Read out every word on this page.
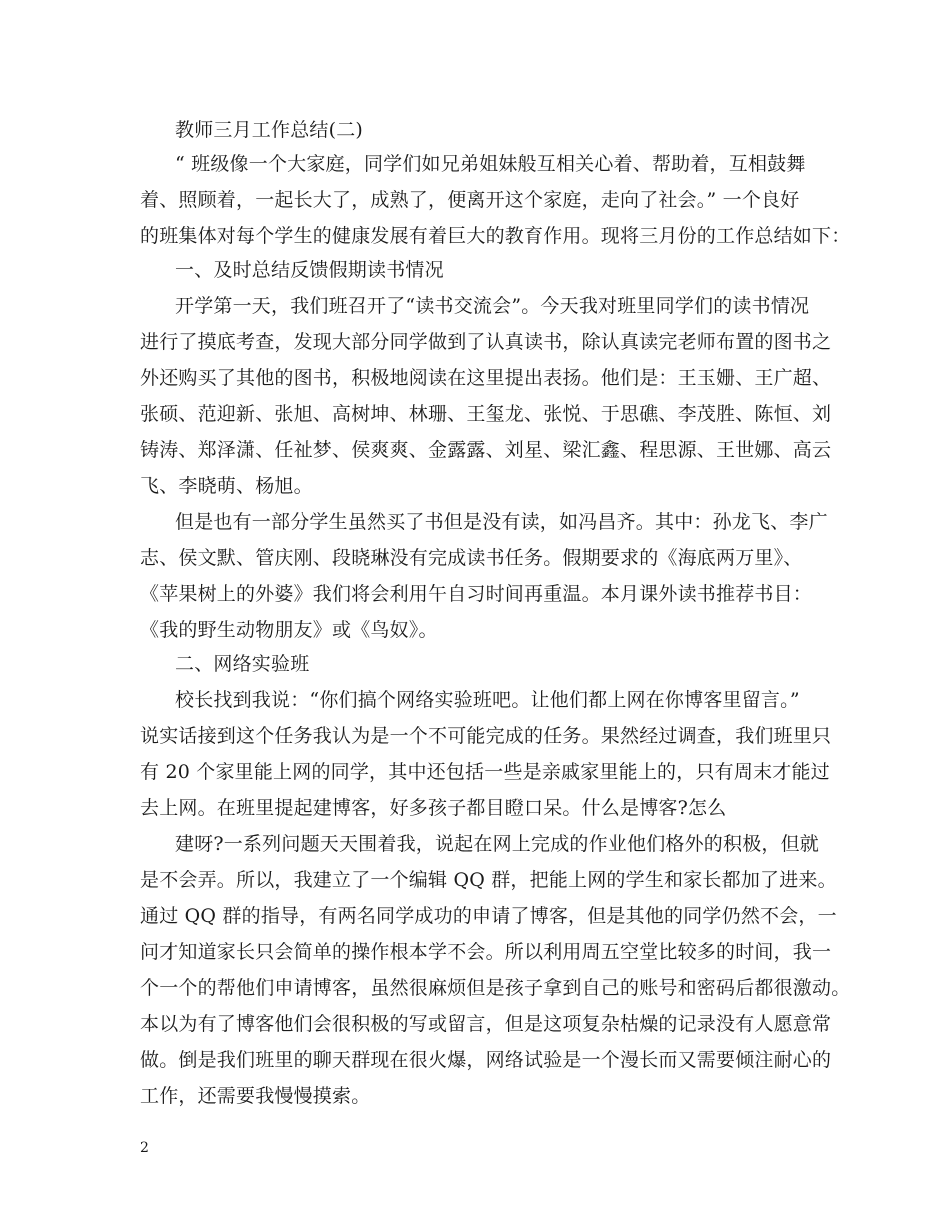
教师三月工作总结(二)
“ 班级像一个大家庭，同学们如兄弟姐妹般互相关心着、帮助着，互相鼓舞
着、照顾着，一起长大了，成熟了，便离开这个家庭，走向了社会。” 一个良好
的班集体对每个学生的健康发展有着巨大的教育作用。现将三月份的工作总结如下：
一、及时总结反馈假期读书情况
开学第一天，我们班召开了“读书交流会”。今天我对班里同学们的读书情况
进行了摸底考查，发现大部分同学做到了认真读书，除认真读完老师布置的图书之
外还购买了其他的图书，积极地阅读在这里提出表扬。他们是：王玉姗、王广超、
张硕、范迎新、张旭、高树坤、林珊、王玺龙、张悦、于思礁、李茂胜、陈恒、刘
铸涛、郑泽潇、任祉梦、侯爽爽、金露露、刘星、梁汇鑫、程思源、王世娜、高云
飞、李晓萌、杨旭。
但是也有一部分学生虽然买了书但是没有读，如冯昌齐。其中：孙龙飞、李广
志、侯文默、管庆刚、段晓琳没有完成读书任务。假期要求的《海底两万里》、
《苹果树上的外婆》我们将会利用午自习时间再重温。本月课外读书推荐书目：
《我的野生动物朋友》或《鸟奴》。
二、网络实验班
校长找到我说：“你们搞个网络实验班吧。让他们都上网在你博客里留言。”
说实话接到这个任务我认为是一个不可能完成的任务。果然经过调查，我们班里只
有 20 个家里能上网的同学，其中还包括一些是亲戚家里能上的，只有周末才能过
去上网。在班里提起建博客，好多孩子都目瞪口呆。什么是博客?怎么
建呀?一系列问题天天围着我，说起在网上完成的作业他们格外的积极，但就
是不会弄。所以，我建立了一个编辑 QQ 群，把能上网的学生和家长都加了进来。
通过 QQ 群的指导，有两名同学成功的申请了博客，但是其他的同学仍然不会，一
问才知道家长只会简单的操作根本学不会。所以利用周五空堂比较多的时间，我一
个一个的帮他们申请博客，虽然很麻烦但是孩子拿到自己的账号和密码后都很激动。
本以为有了博客他们会很积极的写或留言，但是这项复杂枯燥的记录没有人愿意常
做。倒是我们班里的聊天群现在很火爆，网络试验是一个漫长而又需要倾注耐心的
工作，还需要我慢慢摸索。
2
